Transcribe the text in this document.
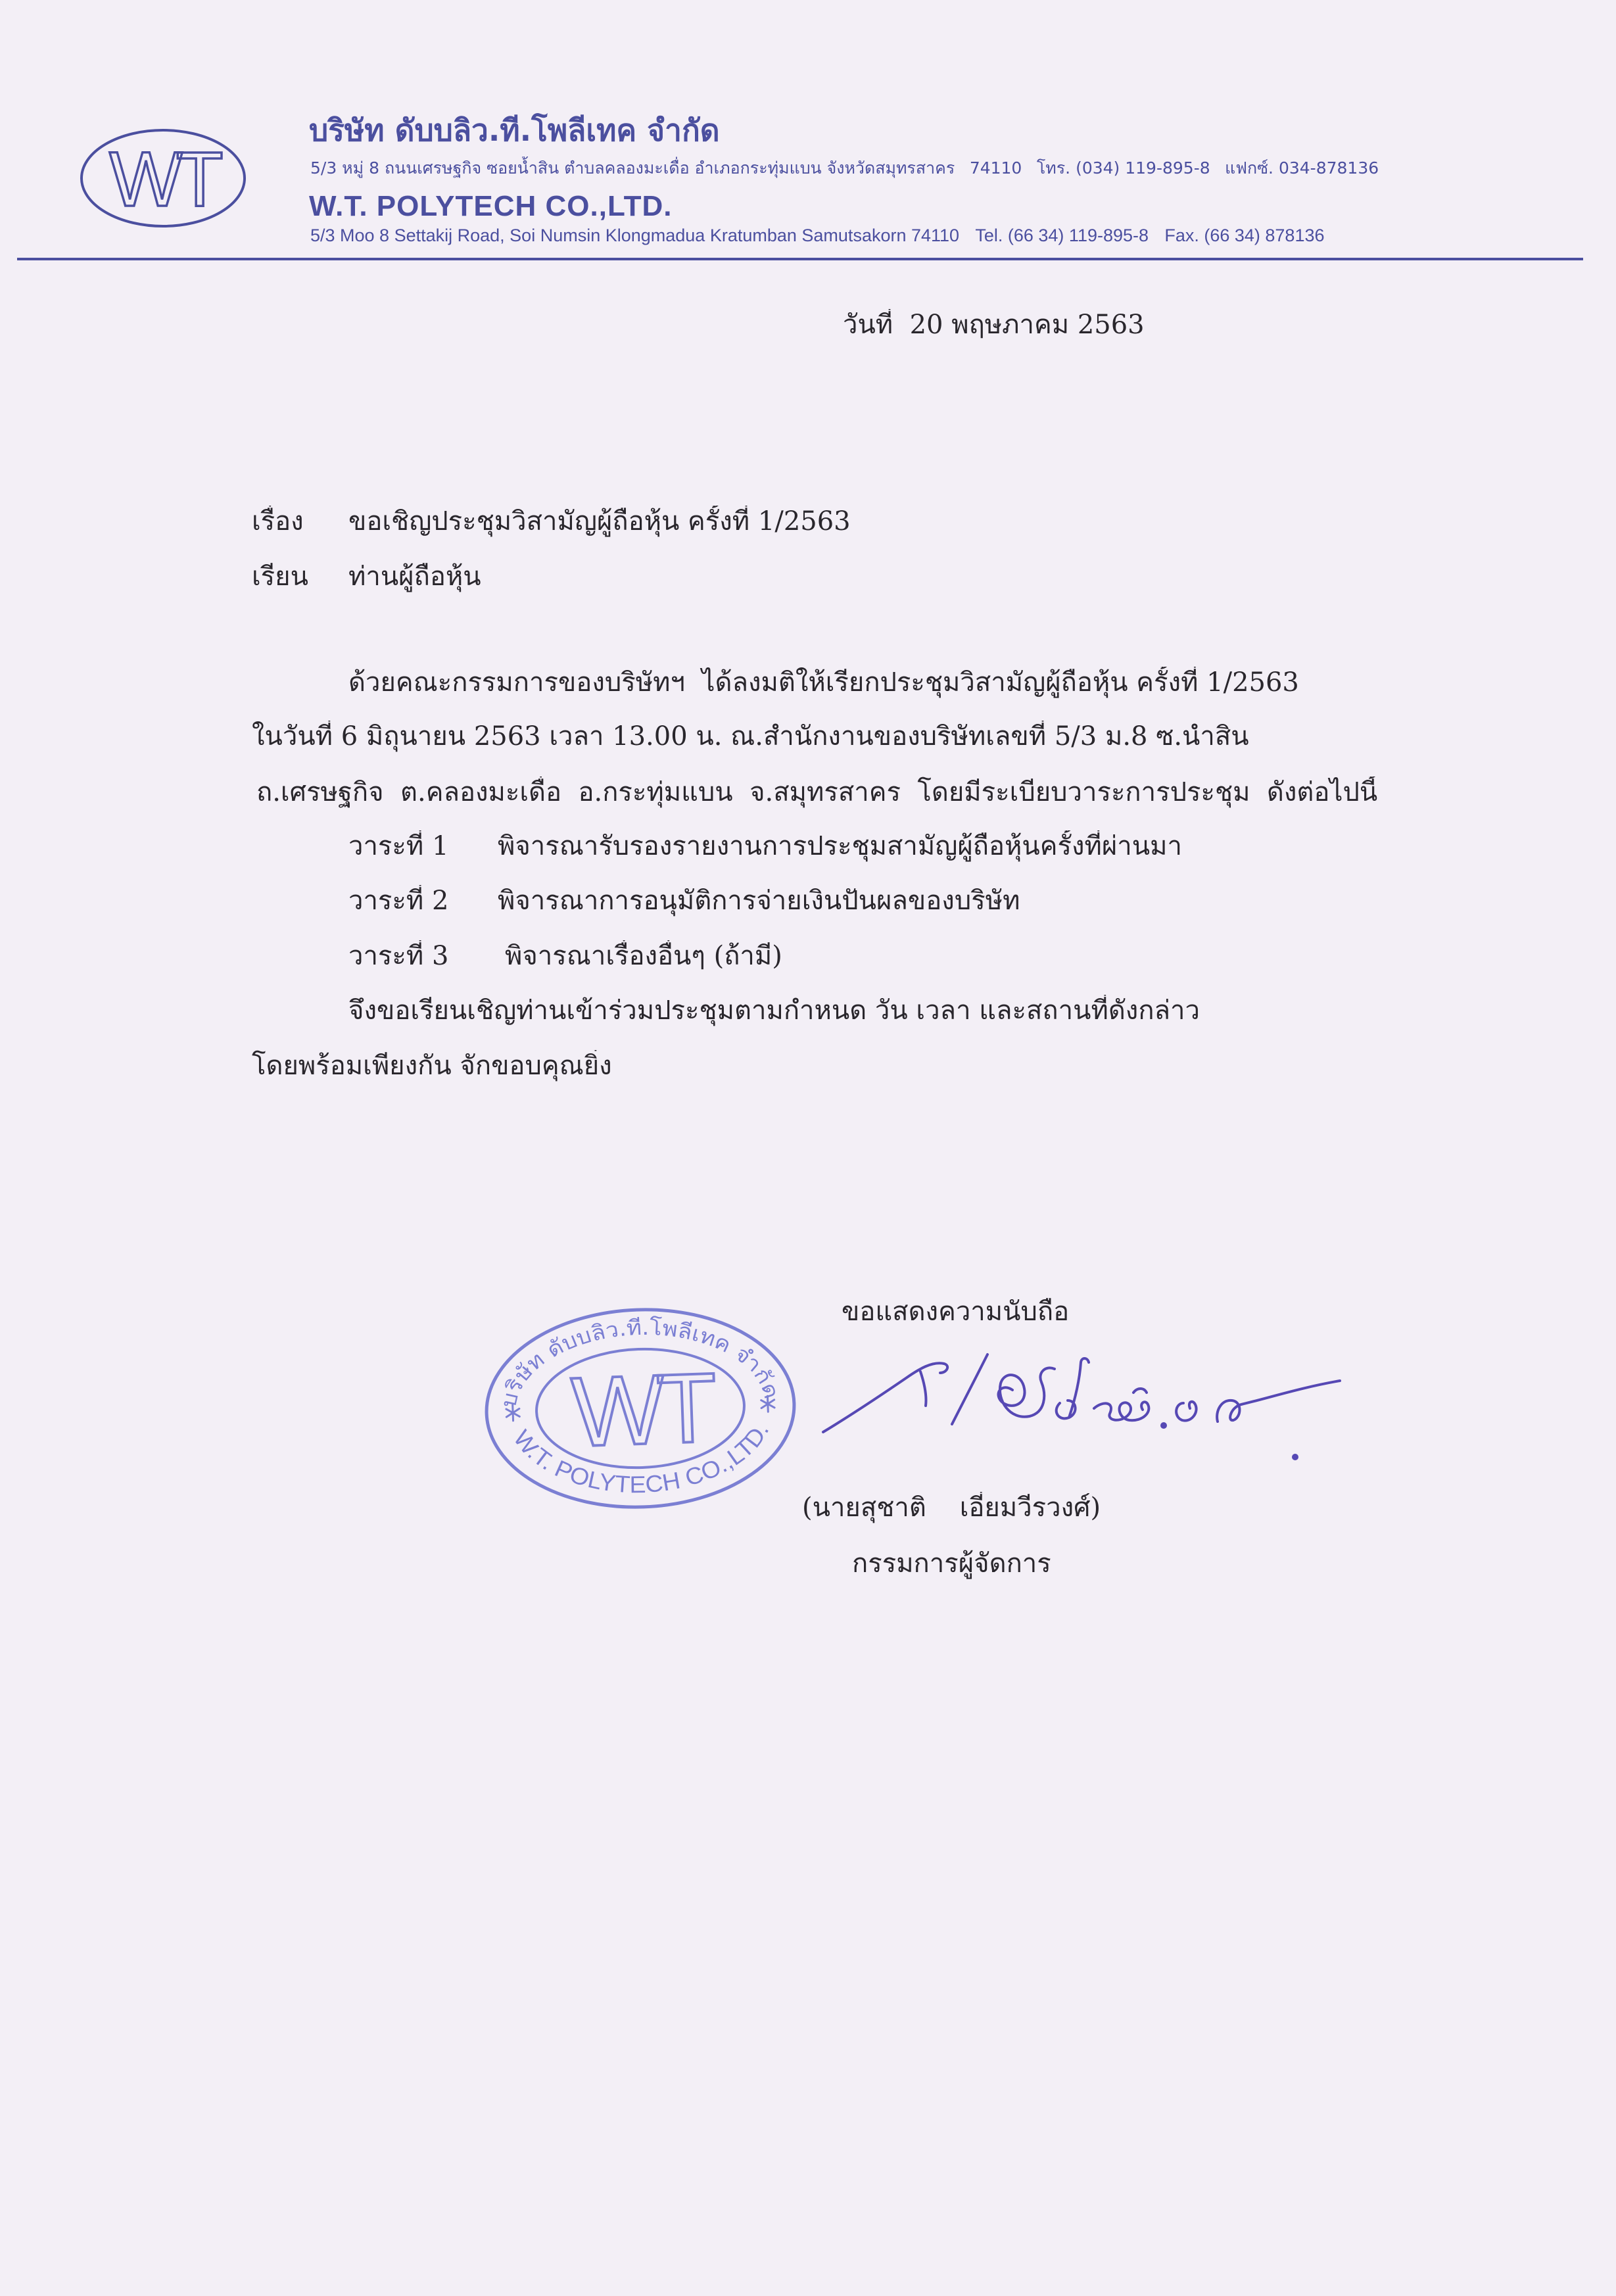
WT
บริษัท ดับบลิว.ที.โพลีเทค จำกัด
5/3 หมู่ 8 ถนนเศรษฐกิจ ซอยน้ำสิน ตำบลคลองมะเดื่อ อำเภอกระทุ่มแบน จังหวัดสมุทรสาคร 74110 โทร. (034) 119-895-8 แฟกซ์. 034-878136
W.T. POLYTECH CO.,LTD.
5/3 Moo 8 Settakij Road, Soi Numsin Klongmadua Kratumban Samutsakorn 74110 Tel. (66 34) 119-895-8 Fax. (66 34) 878136
วันที่  20 พฤษภาคม 2563
เรื่อง	ขอเชิญประชุมวิสามัญผู้ถือหุ้น ครั้งที่ 1/2563
เรียน	ท่านผู้ถือหุ้น
ด้วยคณะกรรมการของบริษัทฯ  ได้ลงมติให้เรียกประชุมวิสามัญผู้ถือหุ้น ครั้งที่ 1/2563
ในวันที่ 6 มิถุนายน 2563 เวลา 13.00 น. ณ.สำนักงานของบริษัทเลขที่ 5/3 ม.8 ซ.นำสิน
ถ.เศรษฐกิจ  ต.คลองมะเดื่อ  อ.กระทุ่มแบน  จ.สมุทรสาคร  โดยมีระเบียบวาระการประชุม  ดังต่อไปนี้
วาระที่ 1	พิจารณารับรองรายงานการประชุมสามัญผู้ถือหุ้นครั้งที่ผ่านมา
วาระที่ 2	พิจารณาการอนุมัติการจ่ายเงินปันผลของบริษัท
วาระที่ 3	พิจารณาเรื่องอื่นๆ (ถ้ามี)
จึงขอเรียนเชิญท่านเข้าร่วมประชุมตามกำหนด วัน เวลา และสถานที่ดังกล่าว
โดยพร้อมเพียงกัน จักขอบคุณยิ่ง
ขอแสดงความนับถือ
บริษัท ดับบลิว.ที.โพลีเทค จำกัด
W.T. POLYTECH CO.,LTD.
WT
(นายสุชาติ    เอี่ยมวีรวงศ์)
กรรมการผู้จัดการ
